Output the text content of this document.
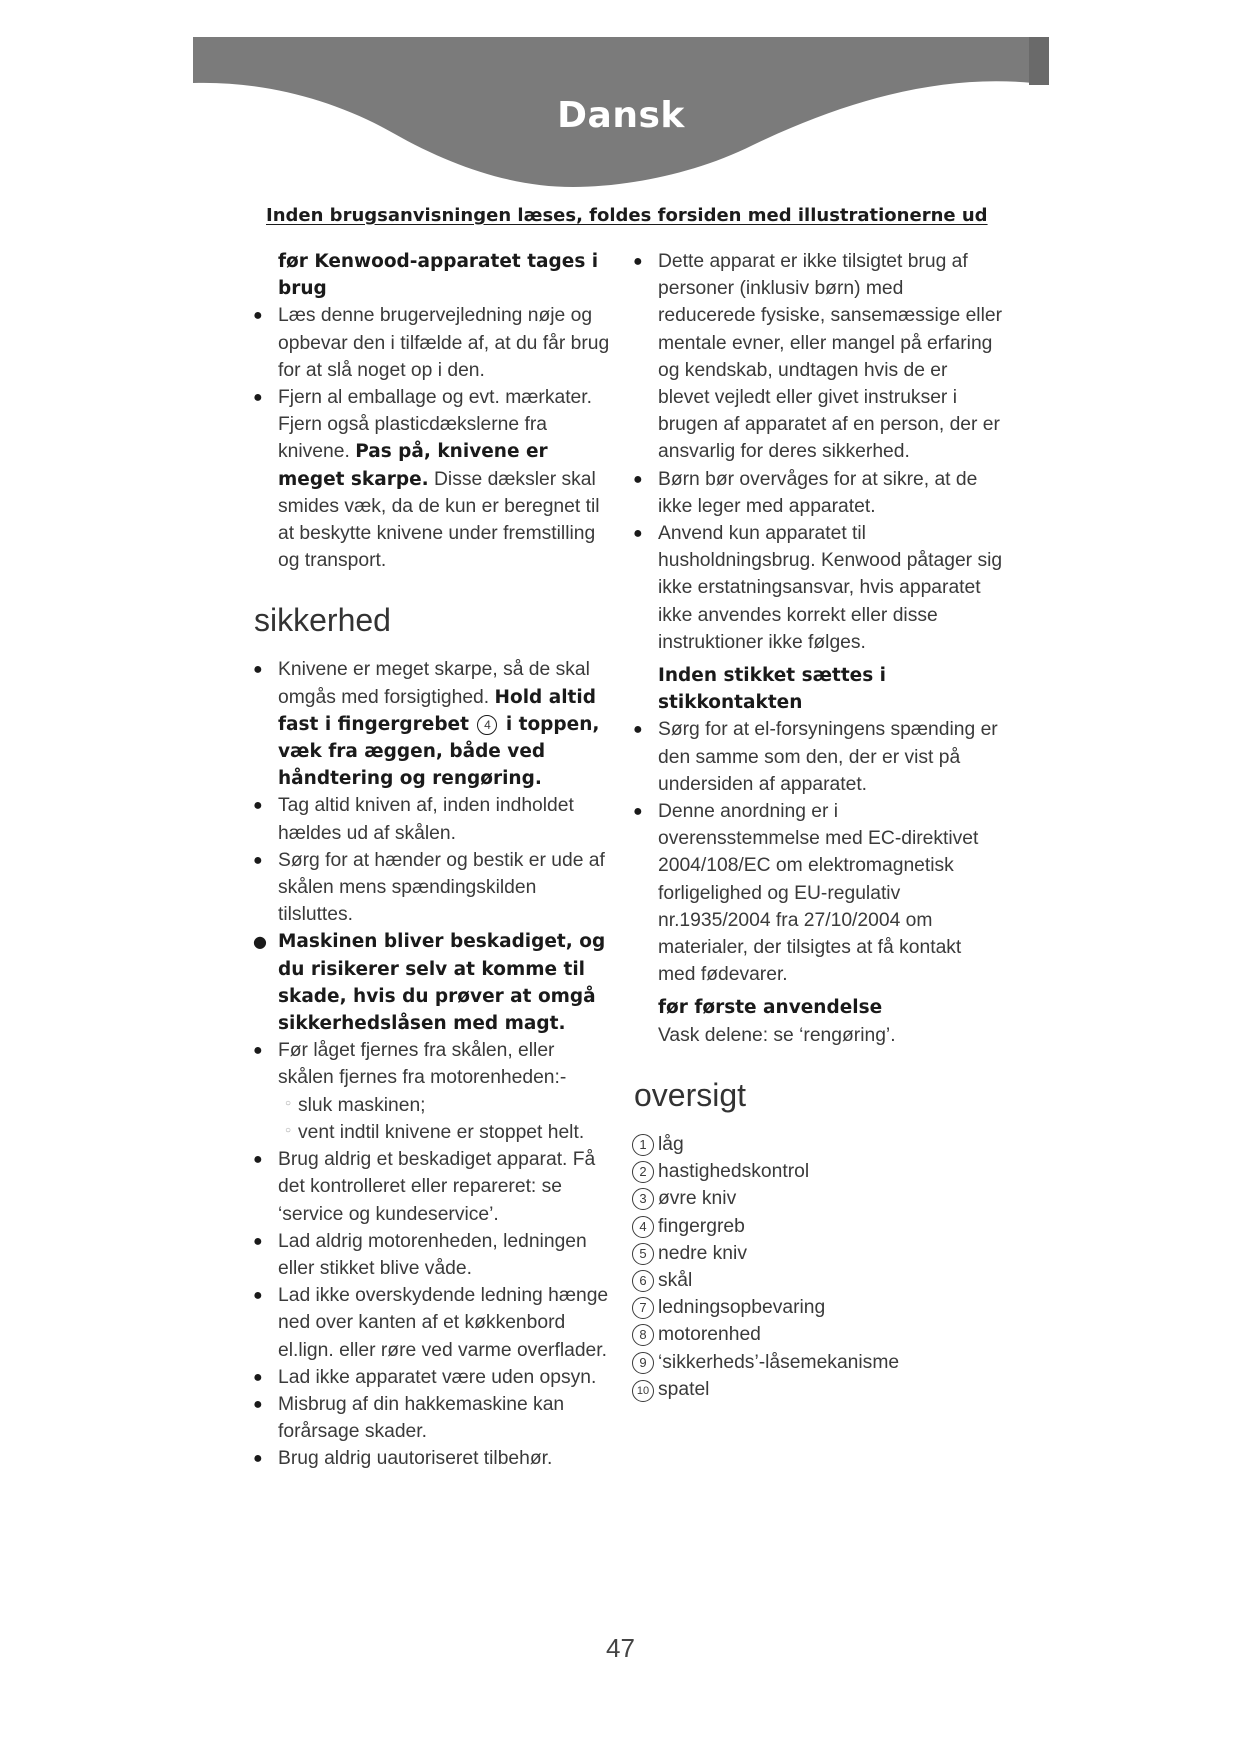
Dansk
Inden brugsanvisningen læses, foldes forsiden med illustrationerne ud
før Kenwood-apparatet tages i brug
● Læs denne brugervejledning nøje og opbevar den i tilfælde af, at du får brug for at slå noget op i den.
● Fjern al emballage og evt. mærkater. Fjern også plasticdækslerne fra knivene. Pas på, knivene er meget skarpe. Disse dæksler skal smides væk, da de kun er beregnet til at beskytte knivene under fremstilling og transport.
sikkerhed
● Knivene er meget skarpe, så de skal omgås med forsigtighed. Hold altid fast i fingergrebet 4 i toppen, væk fra æggen, både ved håndtering og rengøring.
● Tag altid kniven af, inden indholdet hældes ud af skålen.
● Sørg for at hænder og bestik er ude af skålen mens spændingskilden tilsluttes.
● Maskinen bliver beskadiget, og du risikerer selv at komme til skade, hvis du prøver at omgå sikkerhedslåsen med magt.
● Før låget fjernes fra skålen, eller skålen fjernes fra motorenheden:-
○ sluk maskinen;
○ vent indtil knivene er stoppet helt.
● Brug aldrig et beskadiget apparat. Få det kontrolleret eller repareret: se ‘service og kundeservice’.
● Lad aldrig motorenheden, ledningen eller stikket blive våde.
● Lad ikke overskydende ledning hænge ned over kanten af et køkkenbord el.lign. eller røre ved varme overflader.
● Lad ikke apparatet være uden opsyn.
● Misbrug af din hakkemaskine kan forårsage skader.
● Brug aldrig uautoriseret tilbehør.
● Dette apparat er ikke tilsigtet brug af personer (inklusiv børn) med reducerede fysiske, sansemæssige eller mentale evner, eller mangel på erfaring og kendskab, undtagen hvis de er blevet vejledt eller givet instrukser i brugen af apparatet af en person, der er ansvarlig for deres sikkerhed.
● Børn bør overvåges for at sikre, at de ikke leger med apparatet.
● Anvend kun apparatet til husholdningsbrug. Kenwood påtager sig ikke erstatningsansvar, hvis apparatet ikke anvendes korrekt eller disse instruktioner ikke følges.
Inden stikket sættes i stikkontakten
● Sørg for at el-forsyningens spænding er den samme som den, der er vist på undersiden af apparatet.
● Denne anordning er i overensstemmelse med EC-direktivet 2004/108/EC om elektromagnetisk forligelighed og EU-regulativ nr.1935/2004 fra 27/10/2004 om materialer, der tilsigtes at få kontakt med fødevarer.
før første anvendelse
Vask delene: se ‘rengøring’.
oversigt
1 låg
2 hastighedskontrol
3 øvre kniv
4 fingergreb
5 nedre kniv
6 skål
7 ledningsopbevaring
8 motorenhed
9 ‘sikkerheds’-låsemekanisme
10 spatel
47
